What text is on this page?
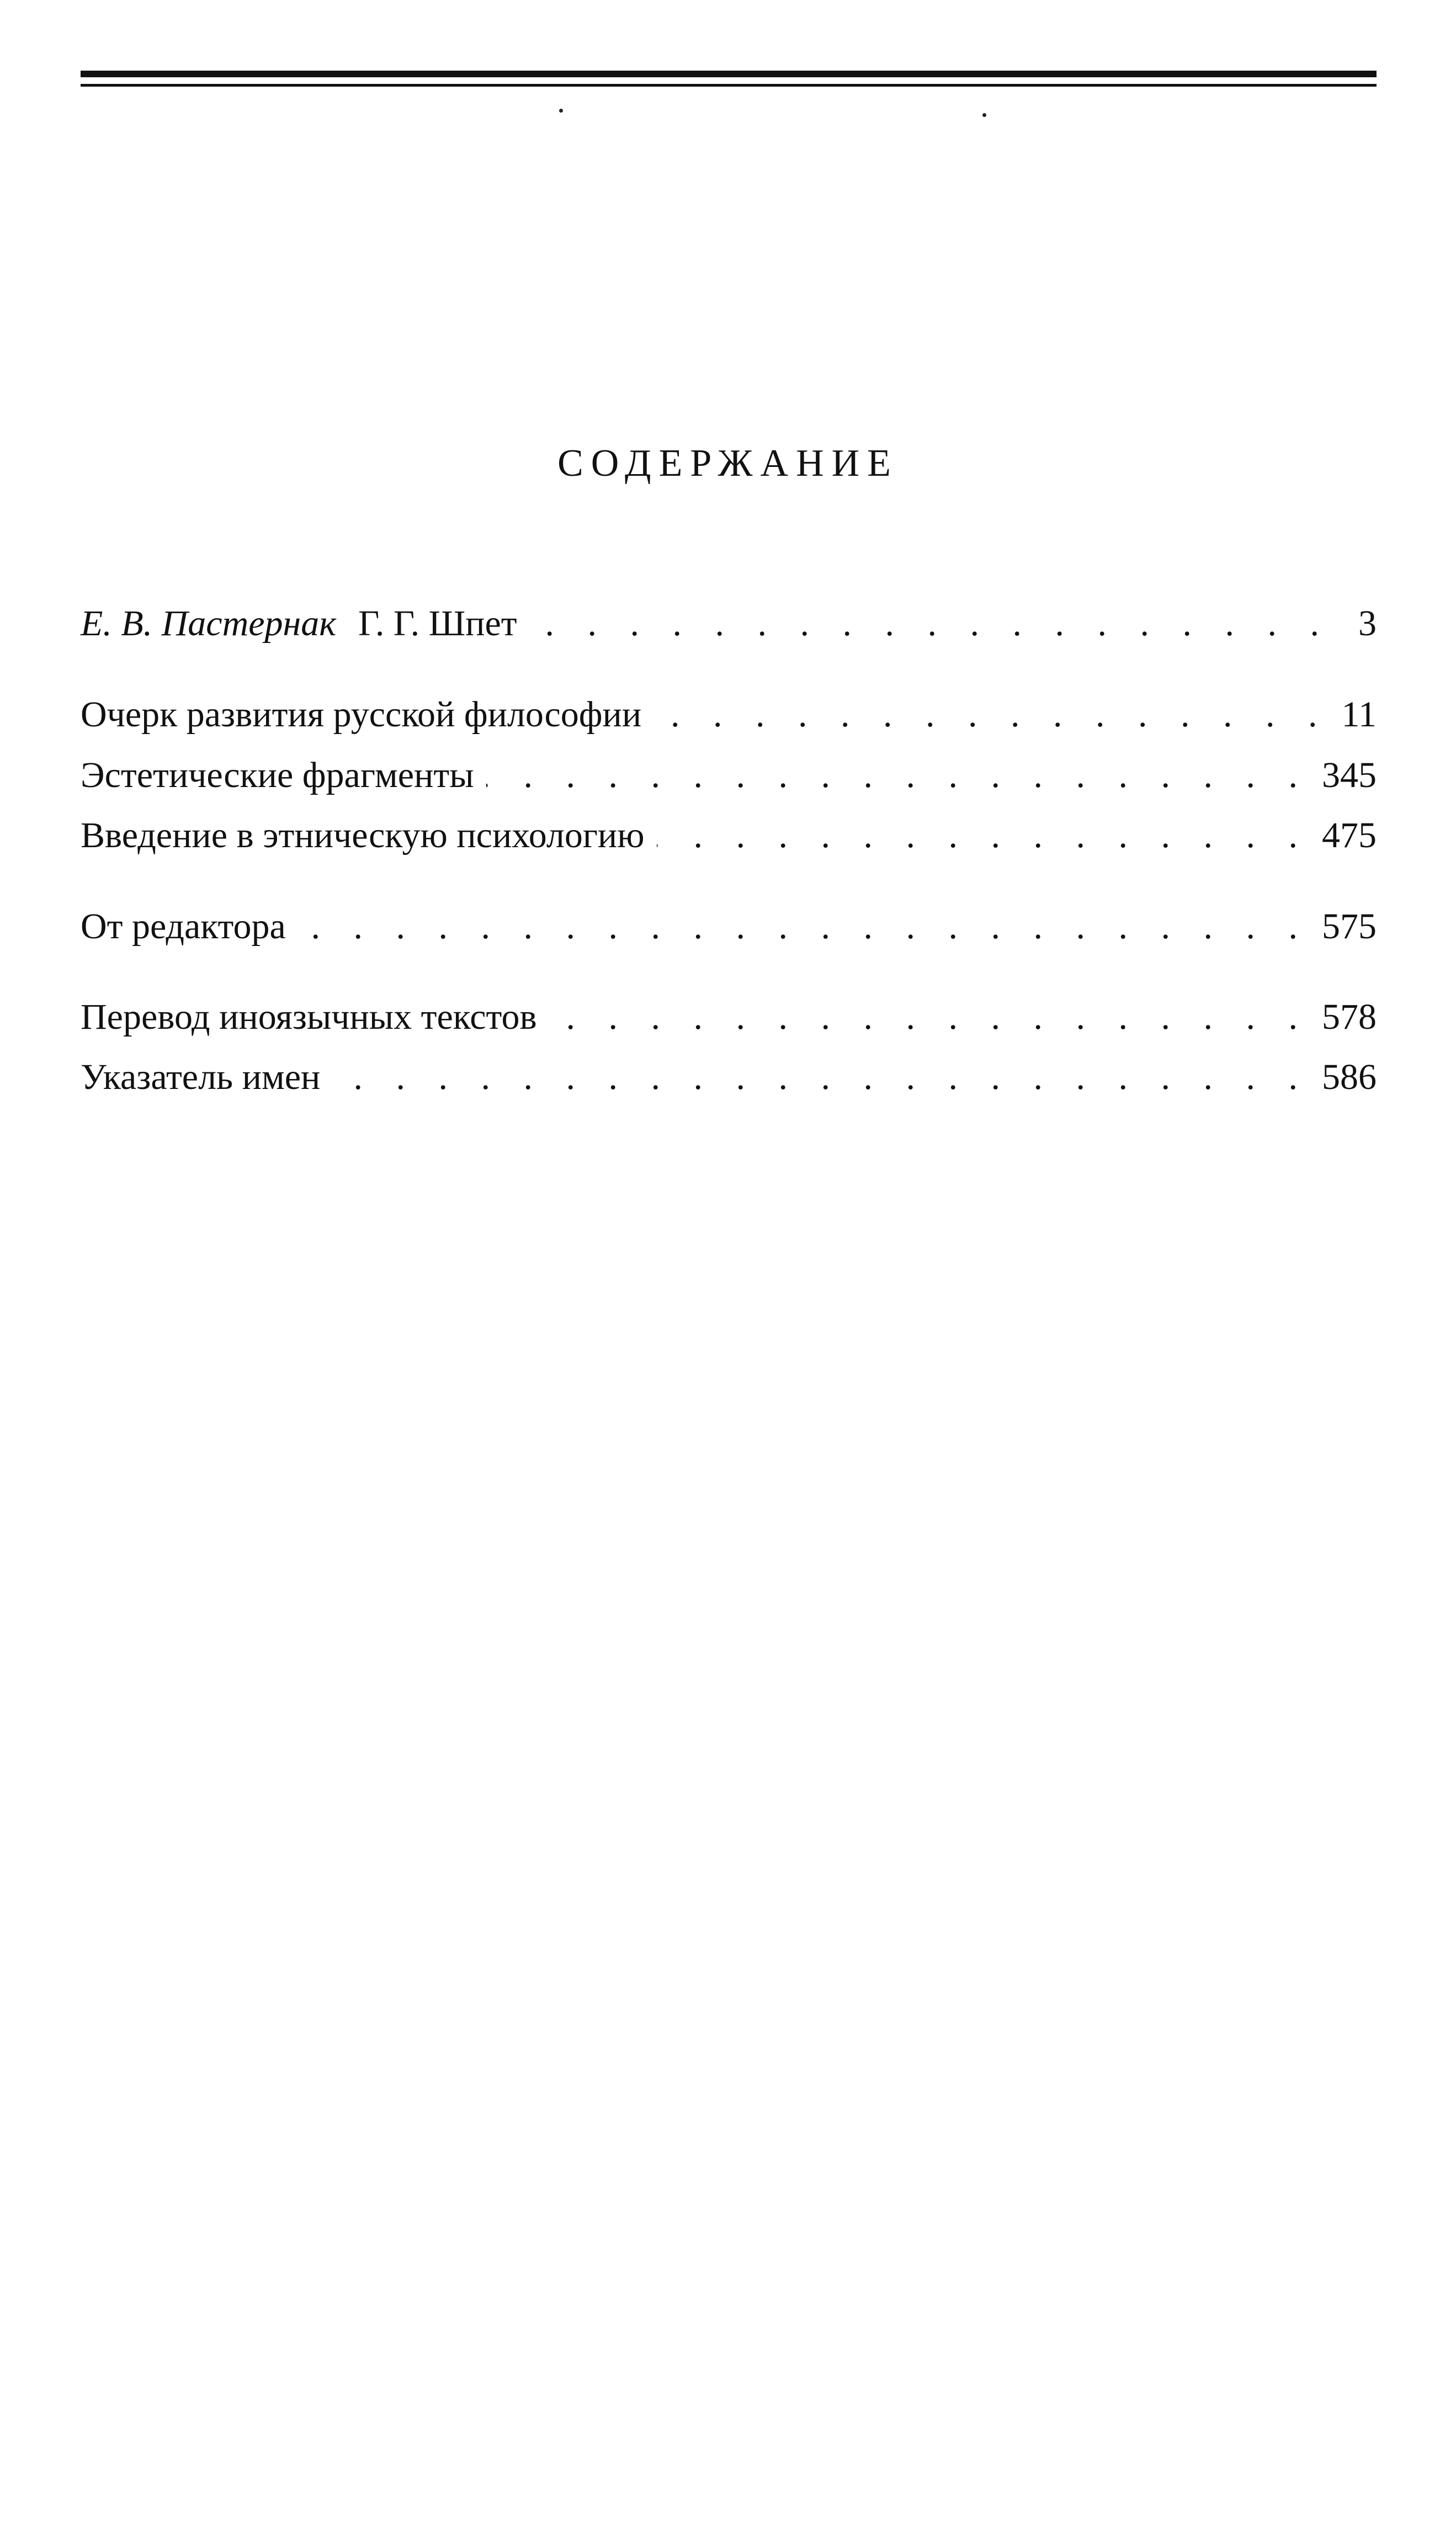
СОДЕРЖАНИЕ
Е. В. Пастернак Г. Г. Шпет . . .	3
Очерк развития русской философии . . .	11
Эстетические фрагменты . . .	345
Введение в этническую психологию . . .	475
От редактора . . .	575
Перевод иноязычных текстов . . .	578
Указатель имен . . .	586
